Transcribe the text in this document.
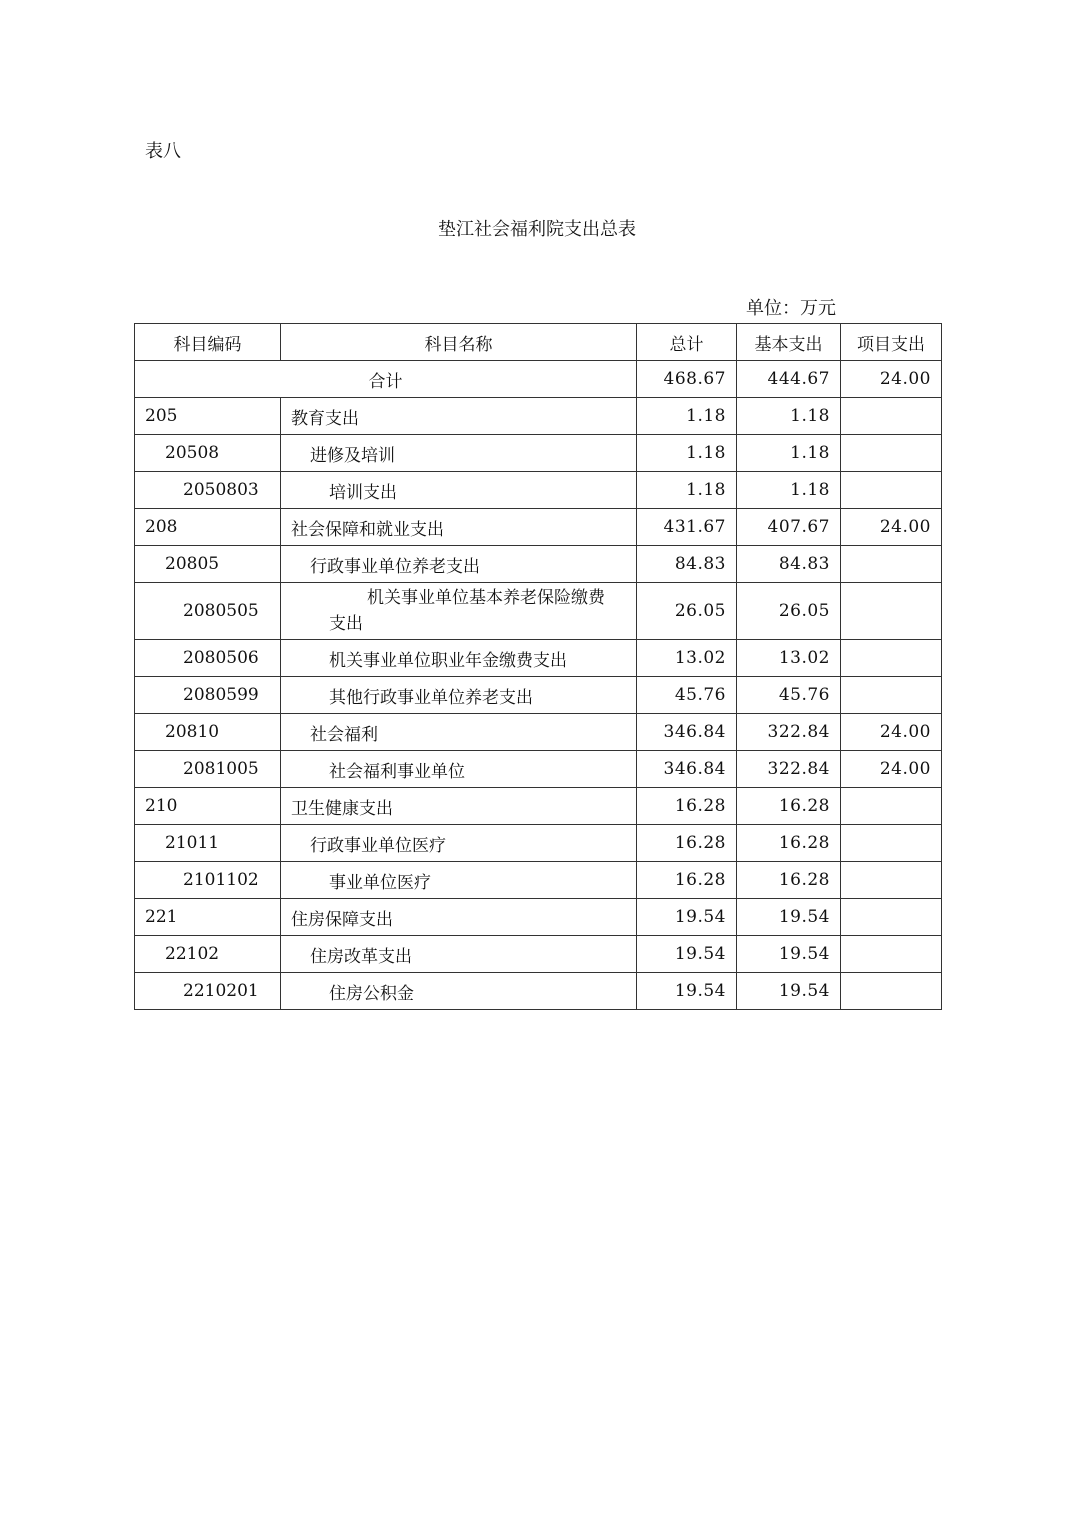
表八
垫江社会福利院支出总表
单位：万元
科目编码	科目名称	总计	基本支出	项目支出
合计		468.67	444.67	24.00
205	教育支出	1.18	1.18	
20508	进修及培训	1.18	1.18	
2050803	培训支出	1.18	1.18	
208	社会保障和就业支出	431.67	407.67	24.00
20805	行政事业单位养老支出	84.83	84.83	
2080505	机关事业单位基本养老保险缴费支出	26.05	26.05	
2080506	机关事业单位职业年金缴费支出	13.02	13.02	
2080599	其他行政事业单位养老支出	45.76	45.76	
20810	社会福利	346.84	322.84	24.00
2081005	社会福利事业单位	346.84	322.84	24.00
210	卫生健康支出	16.28	16.28	
21011	行政事业单位医疗	16.28	16.28	
2101102	事业单位医疗	16.28	16.28	
221	住房保障支出	19.54	19.54	
22102	住房改革支出	19.54	19.54	
2210201	住房公积金	19.54	19.54	
